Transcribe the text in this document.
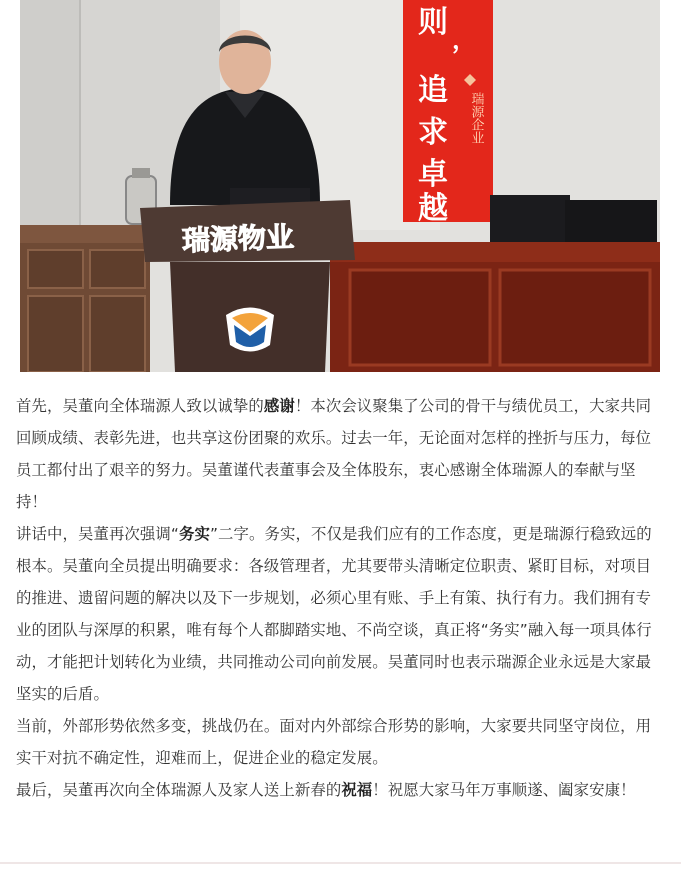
则 ，
追
求
卓
越
瑞源企业
瑞源物业

首先，吴董向全体瑞源人致以诚挚的感谢！本次会议聚集了公司的骨干与绩优员工，大家共同回顾成绩、表彰先进，也共享这份团聚的欢乐。过去一年，无论面对怎样的挫折与压力，每位员工都付出了艰辛的努力。吴董谨代表董事会及全体股东，衷心感谢全体瑞源人的奉献与坚持！

讲话中，吴董再次强调“务实”二字。务实，不仅是我们应有的工作态度，更是瑞源行稳致远的根本。吴董向全员提出明确要求：各级管理者，尤其要带头清晰定位职责、紧盯目标，对项目的推进、遗留问题的解决以及下一步规划，必须心里有账、手上有策、执行有力。我们拥有专业的团队与深厚的积累，唯有每个人都脚踏实地、不尚空谈，真正将“务实”融入每一项具体行动，才能把计划转化为业绩，共同推动公司向前发展。吴董同时也表示瑞源企业永远是大家最坚实的后盾。

当前，外部形势依然多变，挑战仍在。面对内外部综合形势的影响，大家要共同坚守岗位，用实干对抗不确定性，迎难而上，促进企业的稳定发展。

最后，吴董再次向全体瑞源人及家人送上新春的祝福！祝愿大家马年万事顺遂、阖家安康！
